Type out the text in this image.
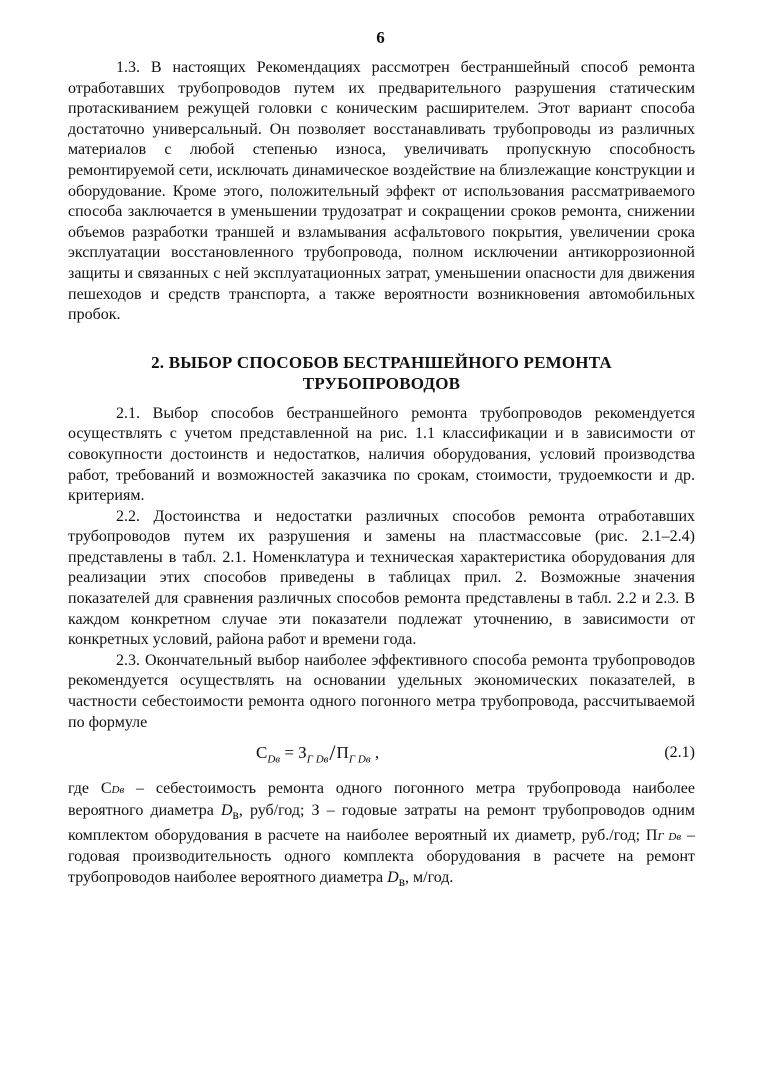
6

1.3. В настоящих Рекомендациях рассмотрен бестраншейный способ ремонта отработавших трубопроводов путем их предварительного разрушения статическим протаскиванием режущей головки с коническим расширителем. Этот вариант способа достаточно универсальный. Он позволяет восстанавливать трубопроводы из различных материалов с любой степенью износа, увеличивать пропускную способность ремонтируемой сети, исключать динамическое воздействие на близлежащие конструкции и оборудование. Кроме этого, положительный эффект от использования рассматриваемого способа заключается в уменьшении трудозатрат и сокращении сроков ремонта, снижении объемов разработки траншей и взламывания асфальтового покрытия, увеличении срока эксплуатации восстановленного трубопровода, полном исключении антикоррозионной защиты и связанных с ней эксплуатационных затрат, уменьшении опасности для движения пешеходов и средств транспорта, а также вероятности возникновения автомобильных пробок.

2. ВЫБОР СПОСОБОВ БЕСТРАНШЕЙНОГО РЕМОНТА
ТРУБОПРОВОДОВ

2.1. Выбор способов бестраншейного ремонта трубопроводов рекомендуется осуществлять с учетом представленной на рис. 1.1 классификации и в зависимости от совокупности достоинств и недостатков, наличия оборудования, условий производства работ, требований и возможностей заказчика по срокам, стоимости, трудоемкости и др. критериям.

2.2. Достоинства и недостатки различных способов ремонта отработавших трубопроводов путем их разрушения и замены на пластмассовые (рис. 2.1–2.4) представлены в табл. 2.1. Номенклатура и техническая характеристика оборудования для реализации этих способов приведены в таблицах прил. 2. Возможные значения показателей для сравнения различных способов ремонта представлены в табл. 2.2 и 2.3. В каждом конкретном случае эти показатели подлежат уточнению, в зависимости от конкретных условий, района работ и времени года.

2.3. Окончательный выбор наиболее эффективного способа ремонта трубопроводов рекомендуется осуществлять на основании удельных экономических показателей, в частности себестоимости ремонта одного погонного метра трубопровода, рассчитываемой по формуле

$C_{Dв} = З_{Г Dв}/П_{Г Dв}$ ,	(2.1)

где CDв – себестоимость ремонта одного погонного метра трубопровода наиболее вероятного диаметра $D_в$, руб/год; З – годовые затраты на ремонт трубопроводов одним комплектом оборудования в расчете на наиболее вероятный их диаметр, руб./год; ПГ Dв – годовая производительность одного комплекта оборудования в расчете на ремонт трубопроводов наиболее вероятного диаметра $D_в$, м/год.
